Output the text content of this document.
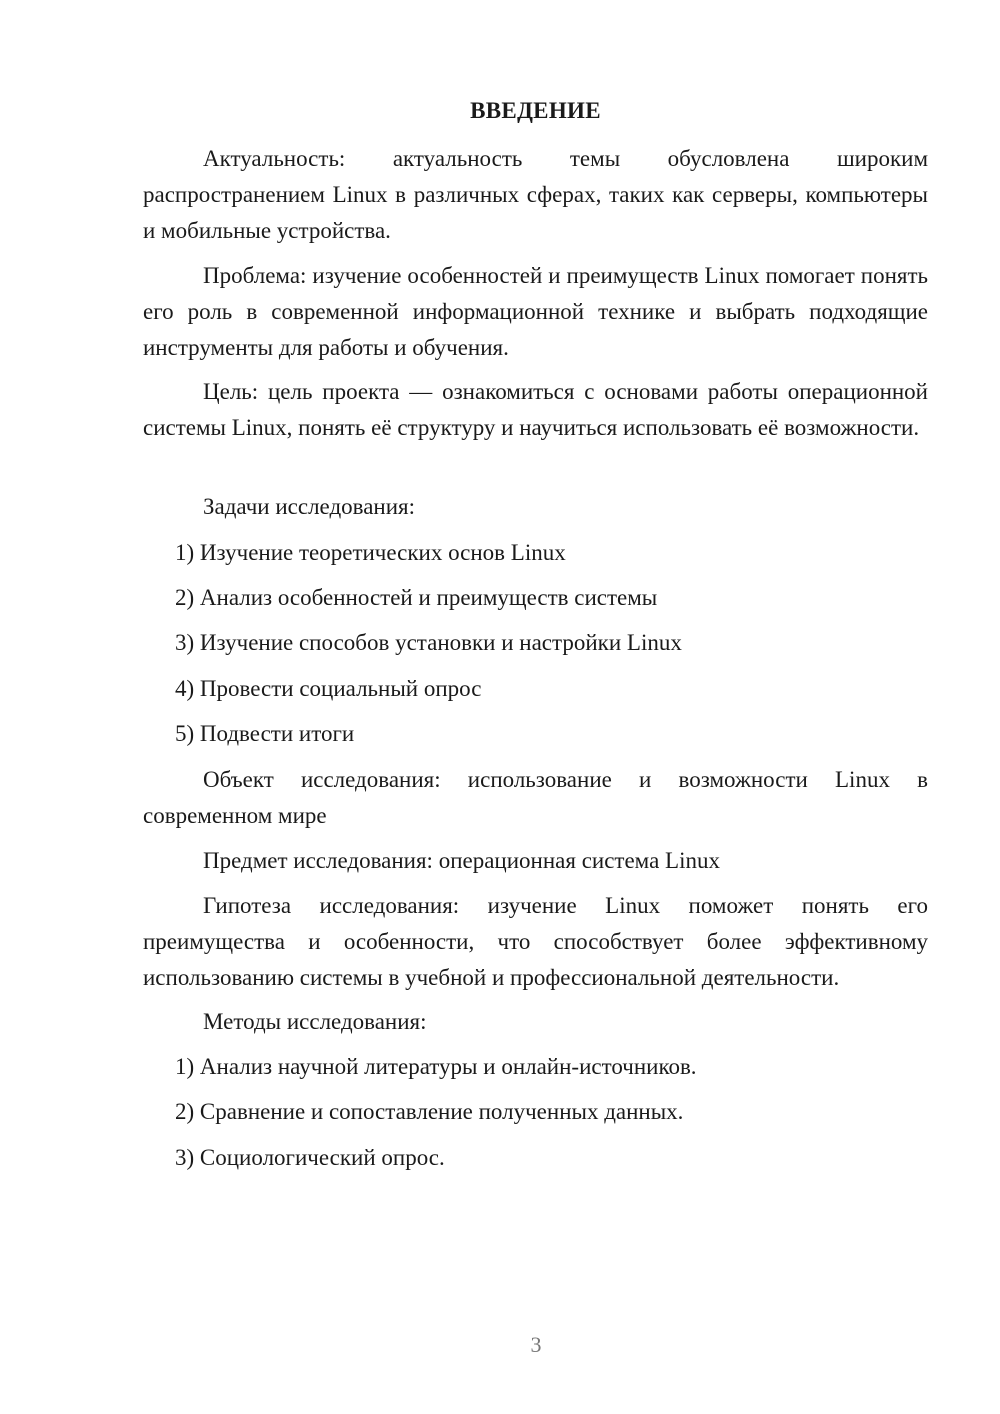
ВВЕДЕНИЕ

Актуальность: актуальность темы обусловлена широким распространением Linux в различных сферах, таких как серверы, компьютеры и мобильные устройства.

Проблема: изучение особенностей и преимуществ Linux помогает понять его роль в современной информационной технике и выбрать подходящие инструменты для работы и обучения.

Цель: цель проекта — ознакомиться с основами работы операционной системы Linux, понять её структуру и научиться использовать её возможности.

Задачи исследования:

1) Изучение теоретических основ Linux

2) Анализ особенностей и преимуществ системы

3) Изучение способов установки и настройки Linux

4) Провести социальный опрос

5) Подвести итоги

Объект исследования: использование и возможности Linux в современном мире

Предмет исследования: операционная система Linux

Гипотеза исследования: изучение Linux поможет понять его преимущества и особенности, что способствует более эффективному использованию системы в учебной и профессиональной деятельности.

Методы исследования:

1) Анализ научной литературы и онлайн-источников.

2) Сравнение и сопоставление полученных данных.

3) Социологический опрос.

3
